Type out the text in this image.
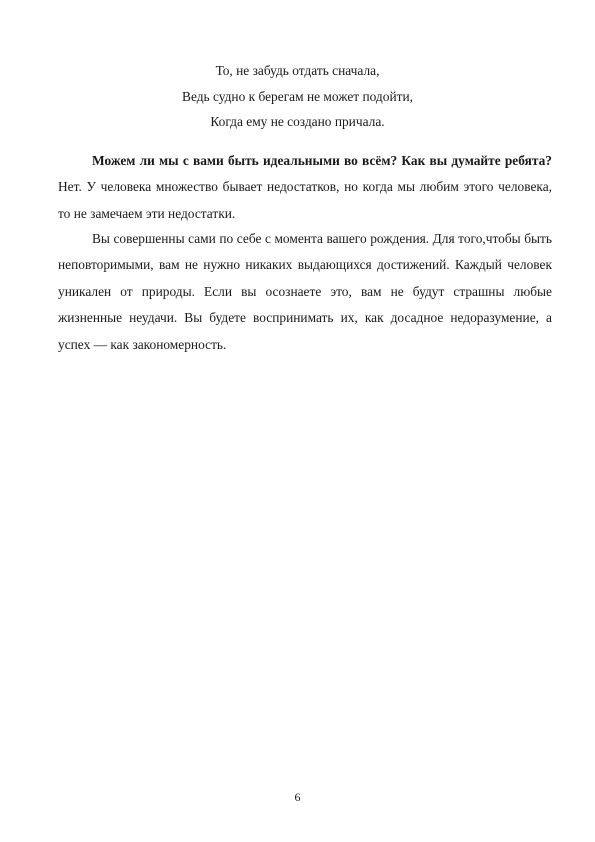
То, не забудь отдать сначала,
Ведь судно к берегам не может подойти,
Когда ему не создано причала.

Можем ли мы с вами быть идеальными во всём? Как вы думайте ребята? Нет. У человека множество бывает недостатков, но когда мы любим этого человека, то не замечаем эти недостатки.

Вы совершенны сами по себе с момента вашего рождения. Для того,чтобы быть неповторимыми, вам не нужно никаких выдающихся достижений. Каждый человек уникален от природы. Если вы осознаете это, вам не будут страшны любые жизненные неудачи. Вы будете воспринимать их, как досадное недоразумение, а успех — как закономерность.

6
